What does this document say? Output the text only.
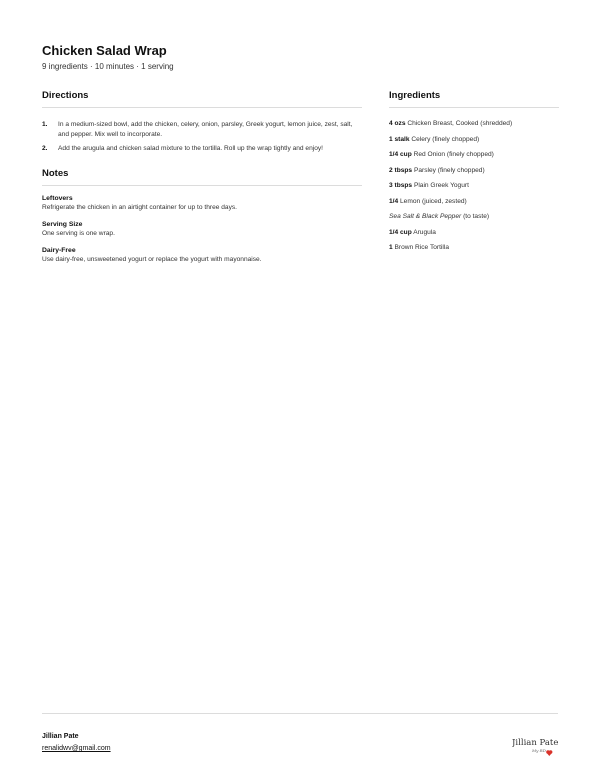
Chicken Salad Wrap
9 ingredients · 10 minutes · 1 serving
Directions
1.	In a medium-sized bowl, add the chicken, celery, onion, parsley, Greek yogurt, lemon juice, zest, salt, and pepper. Mix well to incorporate.
2.	Add the arugula and chicken salad mixture to the tortilla. Roll up the wrap tightly and enjoy!
Notes
Leftovers
Refrigerate the chicken in an airtight container for up to three days.
Serving Size
One serving is one wrap.
Dairy-Free
Use dairy-free, unsweetened yogurt or replace the yogurt with mayonnaise.
Ingredients
4 ozs Chicken Breast, Cooked (shredded)
1 stalk Celery (finely chopped)
1/4 cup Red Onion (finely chopped)
2 tbsps Parsley (finely chopped)
3 tbsps Plain Greek Yogurt
1/4 Lemon (juiced, zested)
Sea Salt & Black Pepper (to taste)
1/4 cup Arugula
1 Brown Rice Tortilla
Jillian Pate
renalidwv@gmail.com
Jillian Pate
My RD
